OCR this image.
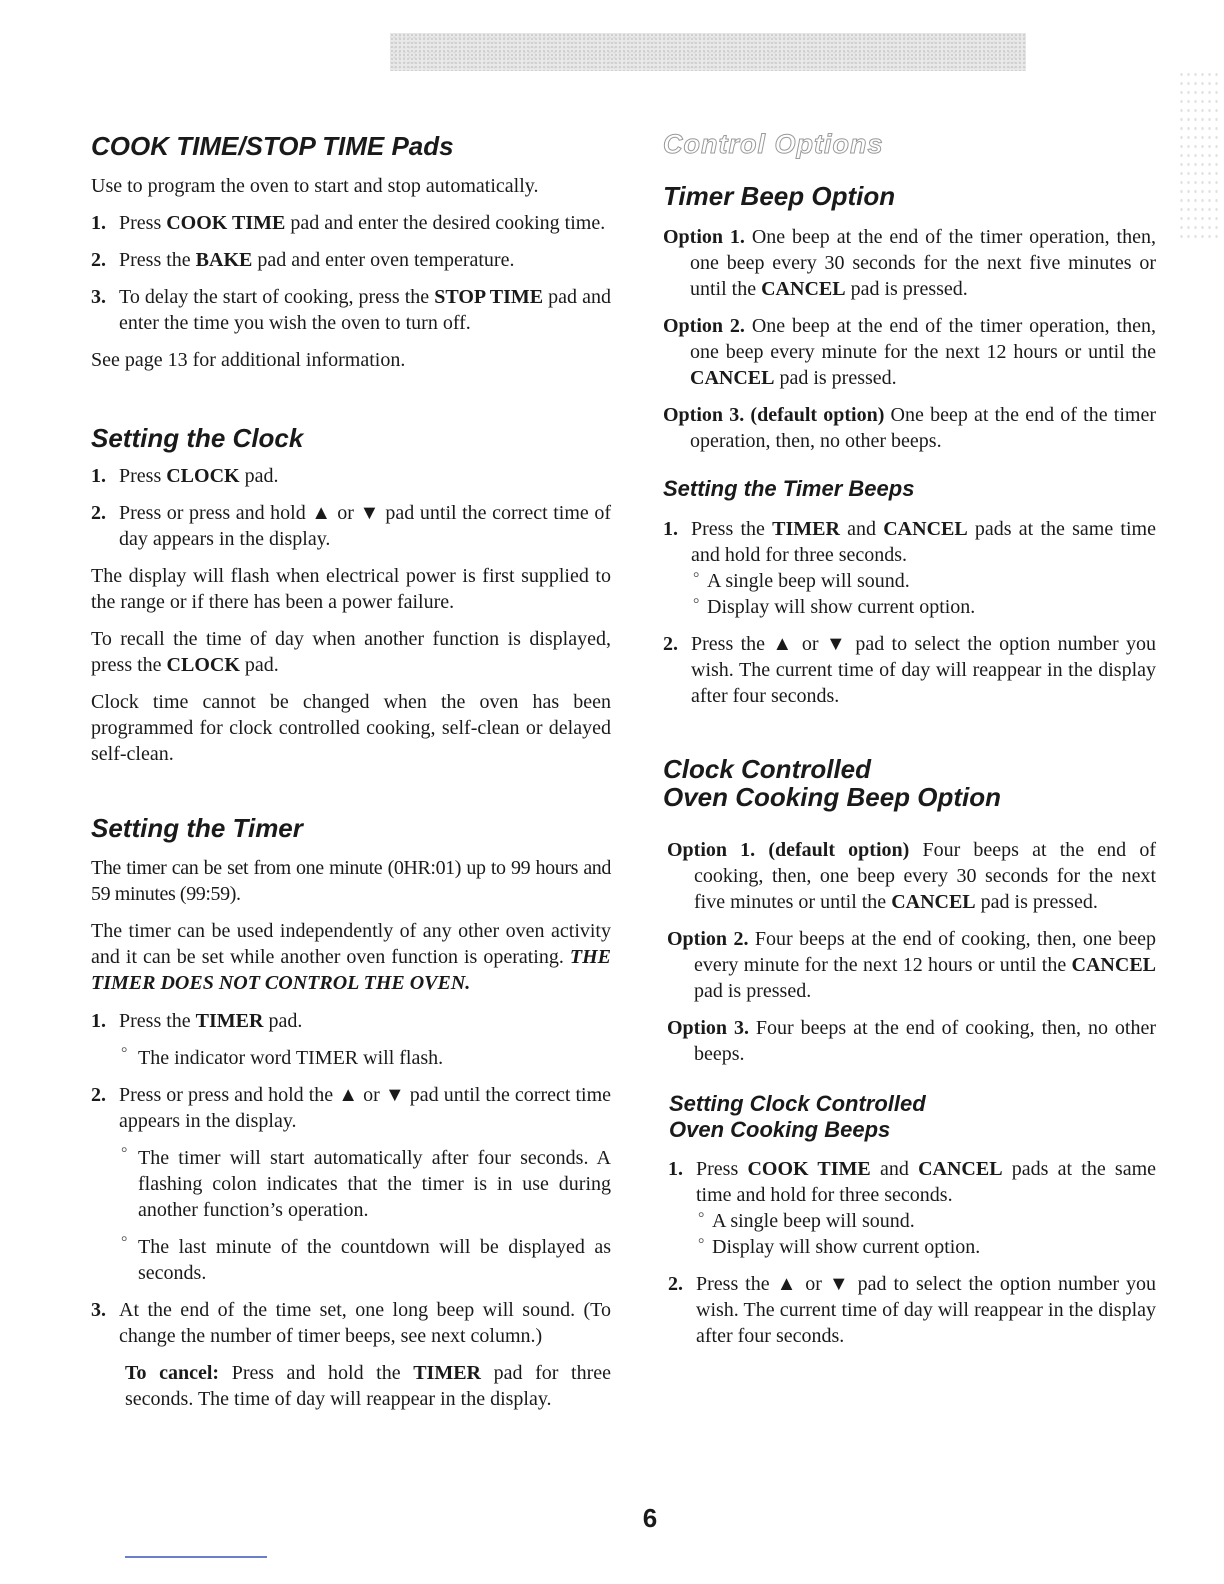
COOK TIME/STOP TIME Pads

Use to program the oven to start and stop automatically.

1. Press COOK TIME pad and enter the desired cooking time.
2. Press the BAKE pad and enter oven temperature.
3. To delay the start of cooking, press the STOP TIME pad and enter the time you wish the oven to turn off.

See page 13 for additional information.

Setting the Clock
1. Press CLOCK pad.
2. Press or press and hold ▲ or ▼ pad until the correct time of day appears in the display.

The display will flash when electrical power is first supplied to the range or if there has been a power failure.

To recall the time of day when another function is displayed, press the CLOCK pad.

Clock time cannot be changed when the oven has been programmed for clock controlled cooking, self-clean or delayed self-clean.

Setting the Timer

The timer can be set from one minute (0HR:01) up to 99 hours and 59 minutes (99:59).

The timer can be used independently of any other oven activity and it can be set while another oven function is operating. THE TIMER DOES NOT CONTROL THE OVEN.

1. Press the TIMER pad.
° The indicator word TIMER will flash.
2. Press or press and hold the ▲ or ▼ pad until the correct time appears in the display.
° The timer will start automatically after four seconds. A flashing colon indicates that the timer is in use during another function’s operation.
° The last minute of the countdown will be displayed as seconds.
3. At the end of the time set, one long beep will sound. (To change the number of timer beeps, see next column.)

To cancel: Press and hold the TIMER pad for three seconds. The time of day will reappear in the display.

Control Options
Timer Beep Option

Option 1. One beep at the end of the timer operation, then, one beep every 30 seconds for the next five minutes or until the CANCEL pad is pressed.

Option 2. One beep at the end of the timer operation, then, one beep every minute for the next 12 hours or until the CANCEL pad is pressed.

Option 3. (default option) One beep at the end of the timer operation, then, no other beeps.

Setting the Timer Beeps
1. Press the TIMER and CANCEL pads at the same time and hold for three seconds.
° A single beep will sound.
° Display will show current option.
2. Press the ▲ or ▼ pad to select the option number you wish. The current time of day will reappear in the display after four seconds.
Clock Controlled
Oven Cooking Beep Option

Option 1. (default option) Four beeps at the end of cooking, then, one beep every 30 seconds for the next five minutes or until the CANCEL pad is pressed.

Option 2. Four beeps at the end of cooking, then, one beep every minute for the next 12 hours or until the CANCEL pad is pressed.

Option 3. Four beeps at the end of cooking, then, no other beeps.

Setting Clock Controlled
Oven Cooking Beeps
1. Press COOK TIME and CANCEL pads at the same time and hold for three seconds.
° A single beep will sound.
° Display will show current option.
2. Press the ▲ or ▼ pad to select the option number you wish. The current time of day will reappear in the display after four seconds.
6
